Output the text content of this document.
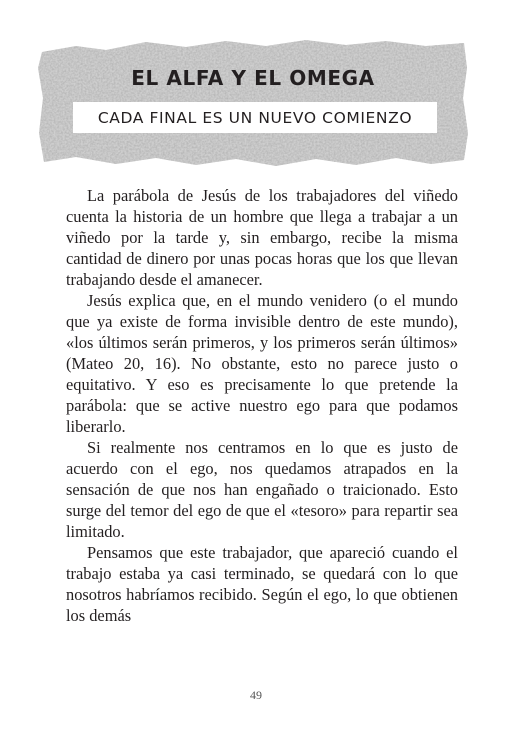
EL ALFA Y EL OMEGA
CADA FINAL ES UN NUEVO COMIENZO

La parábola de Jesús de los trabajadores del viñedo cuenta la historia de un hombre que llega a trabajar a un viñedo por la tarde y, sin embargo, recibe la misma cantidad de dinero por unas pocas horas que los que llevan trabajando desde el amanecer.

Jesús explica que, en el mundo venidero (o el mundo que ya existe de forma invisible dentro de este mundo), «los últimos serán primeros, y los primeros serán últimos» (Mateo 20, 16). No obstante, esto no parece justo o equitativo. Y eso es precisamente lo que pretende la parábola: que se active nuestro ego para que podamos liberarlo.

Si realmente nos centramos en lo que es justo de acuerdo con el ego, nos quedamos atrapados en la sensación de que nos han engañado o traicionado. Esto surge del temor del ego de que el «tesoro» para repartir sea limitado.

Pensamos que este trabajador, que apareció cuando el trabajo estaba ya casi terminado, se quedará con lo que nosotros habríamos recibido. Según el ego, lo que obtienen los demás

49
